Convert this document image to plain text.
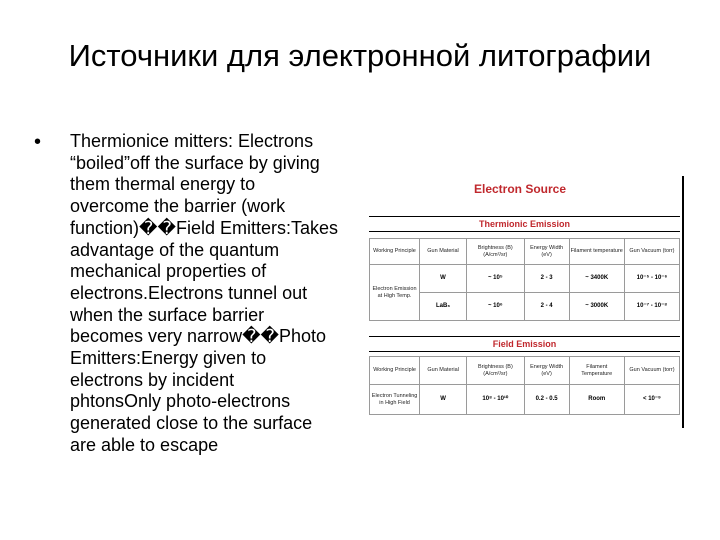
Источники для электронной литографии
• Thermionice mitters: Electrons
“boiled”off the surface by giving
them thermal energy to
overcome the barrier (work
function)��Field Emitters:Takes
advantage of the quantum
mechanical properties of
electrons.Electrons tunnel out
when the surface barrier
becomes very narrow��Photo
Emitters:Energy given to
electrons by incident
phtonsOnly photo-electrons
generated close to the surface
are able to escape
Electron Source
Thermionic Emission
Working Principle	Gun Material	Brightness (B) (A/cm²/sr)	Energy Width (eV)	Filament temperature	Gun Vacuum (torr)
Electron Emission at High Temp.	W	~ 10⁵	2 - 3	~ 3400K	10⁻⁵ - 10⁻⁶
	LaB₆	~ 10⁶	2 - 4	~ 3000K	10⁻⁷ - 10⁻⁸
Field Emission
Working Principle	Gun Material	Brightness (B) (A/cm²/sr)	Energy Width (eV)	Filament Temperature	Gun Vacuum (torr)
Electron Tunneling in High Field	W	10⁸ - 10¹⁰	0.2 - 0.5	Room	< 10⁻⁹
